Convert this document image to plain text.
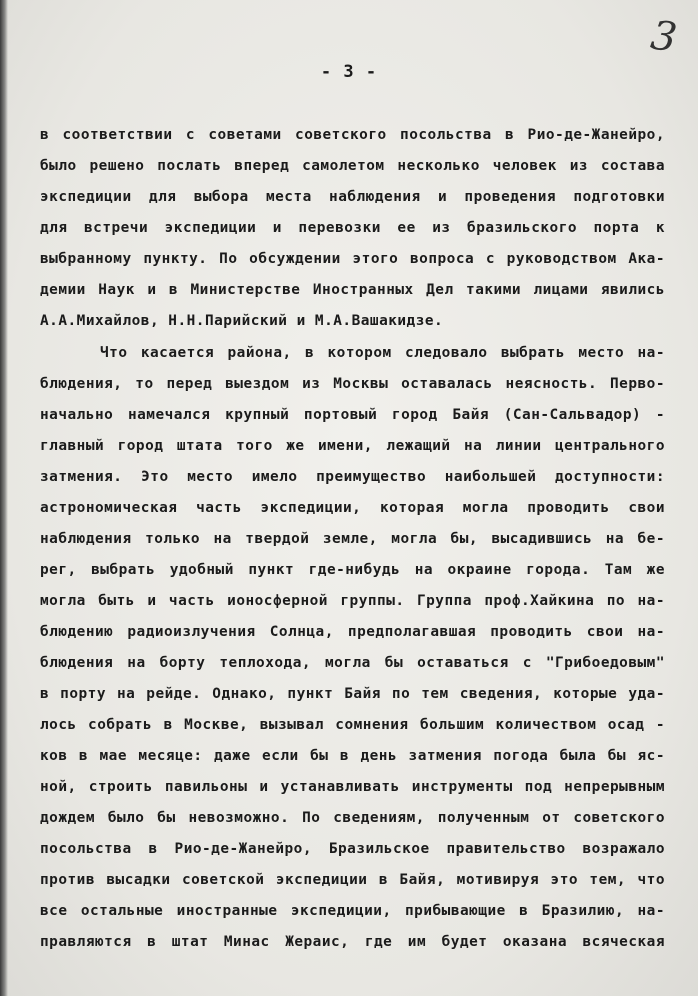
3
- 3 -
в соответствии с советами советского посольства в Рио-де-Жанейро,
было решено послать вперед самолетом несколько человек из состава
экспедиции для выбора места наблюдения и проведения подготовки
для встречи экспедиции и перевозки ее из бразильского порта к
выбранному пункту. По обсуждении этого вопроса с руководством Ака-
демии Наук и в Министерстве Иностранных Дел такими лицами явились
А.А.Михайлов, Н.Н.Парийский и М.А.Вашакидзе.
Что касается района, в котором следовало выбрать место на-
блюдения, то перед выездом из Москвы оставалась неясность. Перво-
начально намечался крупный портовый город Байя (Сан-Сальвадор) -
главный город штата того же имени, лежащий на линии центрального
затмения. Это место имело преимущество наибольшей доступности:
астрономическая часть экспедиции, которая могла проводить свои
наблюдения только на твердой земле, могла бы, высадившись на бе-
рег, выбрать удобный пункт где-нибудь на окраине города. Там же
могла быть и часть ионосферной группы. Группа проф.Хайкина по на-
блюдению радиоизлучения Солнца, предполагавшая проводить свои на-
блюдения на борту теплохода, могла бы оставаться с "Грибоедовым"
в порту на рейде. Однако, пункт Байя по тем сведения, которые уда-
лось собрать в Москве, вызывал сомнения большим количеством осад -
ков в мае месяце: даже если бы в день затмения погода была бы яс-
ной, строить павильоны и устанавливать инструменты под непрерывным
дождем было бы невозможно. По сведениям, полученным от советского
посольства в Рио-де-Жанейро, Бразильское правительство возражало
против высадки советской экспедиции в Байя, мотивируя это тем, что
все остальные иностранные экспедиции, прибывающие в Бразилию, на-
правляются в штат Минас Жераис, где им будет оказана всяческая
